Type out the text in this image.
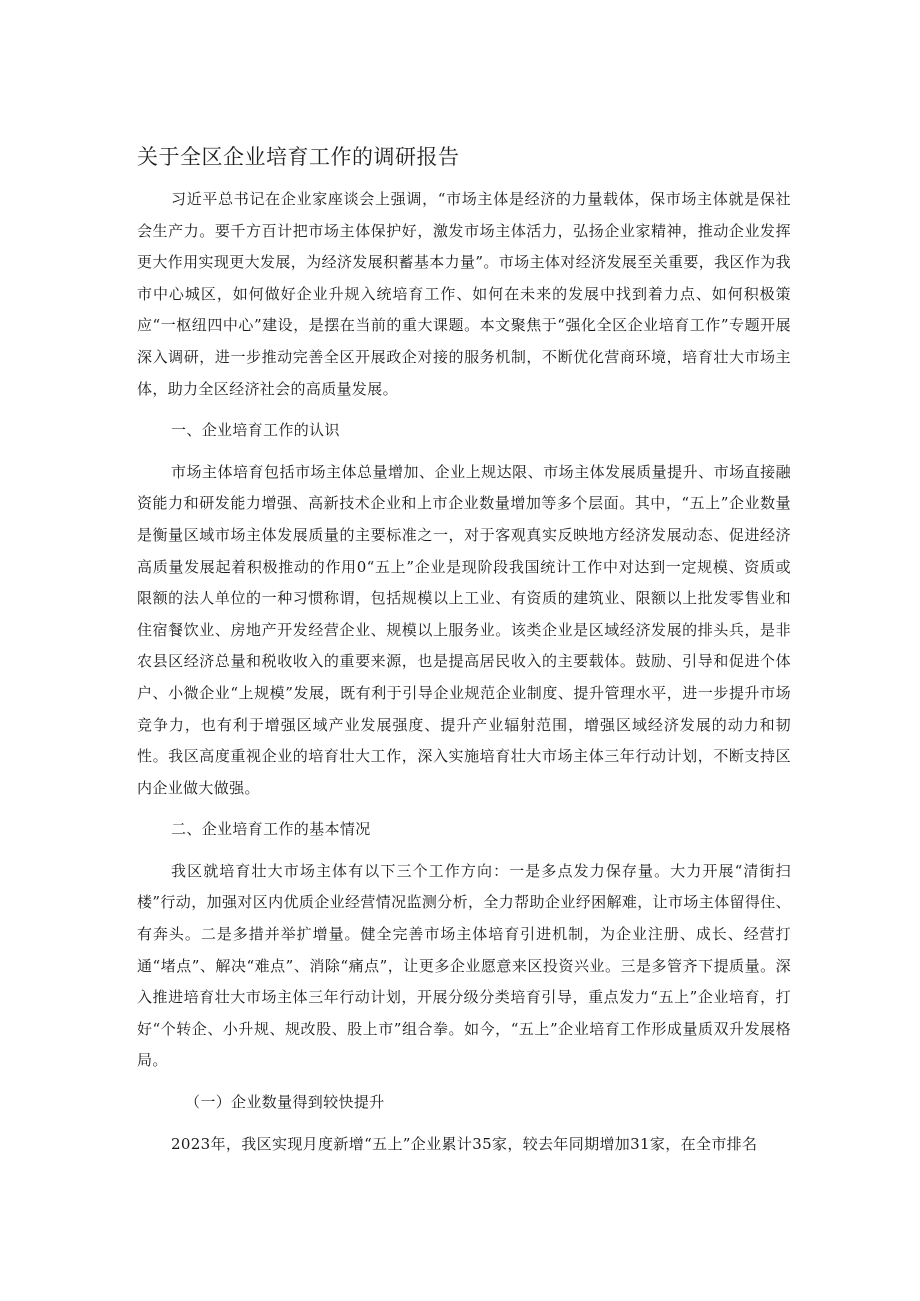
关于全区企业培育工作的调研报告

习近平总书记在企业家座谈会上强调，“市场主体是经济的力量载体，保市场主体就是保社会生产力。要千方百计把市场主体保护好，激发市场主体活力，弘扬企业家精神，推动企业发挥更大作用实现更大发展，为经济发展积蓄基本力量”。市场主体对经济发展至关重要，我区作为我市中心城区，如何做好企业升规入统培育工作、如何在未来的发展中找到着力点、如何积极策应“一枢纽四中心”建设，是摆在当前的重大课题。本文聚焦于“强化全区企业培育工作”专题开展深入调研，进一步推动完善全区开展政企对接的服务机制，不断优化营商环境，培育壮大市场主体，助力全区经济社会的高质量发展。

一、企业培育工作的认识

市场主体培育包括市场主体总量增加、企业上规达限、市场主体发展质量提升、市场直接融资能力和研发能力增强、高新技术企业和上市企业数量增加等多个层面。其中，“五上”企业数量是衡量区域市场主体发展质量的主要标准之一，对于客观真实反映地方经济发展动态、促进经济高质量发展起着积极推动的作用0“五上”企业是现阶段我国统计工作中对达到一定规模、资质或限额的法人单位的一种习惯称谓，包括规模以上工业、有资质的建筑业、限额以上批发零售业和住宿餐饮业、房地产开发经营企业、规模以上服务业。该类企业是区域经济发展的排头兵，是非农县区经济总量和税收收入的重要来源，也是提高居民收入的主要载体。鼓励、引导和促进个体户、小微企业“上规模”发展，既有利于引导企业规范企业制度、提升管理水平，进一步提升市场竞争力，也有利于增强区域产业发展强度、提升产业辐射范围，增强区域经济发展的动力和韧性。我区高度重视企业的培育壮大工作，深入实施培育壮大市场主体三年行动计划，不断支持区内企业做大做强。

二、企业培育工作的基本情况

我区就培育壮大市场主体有以下三个工作方向：一是多点发力保存量。大力开展“清街扫楼”行动，加强对区内优质企业经营情况监测分析，全力帮助企业纾困解难，让市场主体留得住、有奔头。二是多措并举扩增量。健全完善市场主体培育引进机制，为企业注册、成长、经营打通“堵点”、解决“难点”、消除“痛点”，让更多企业愿意来区投资兴业。三是多管齐下提质量。深入推进培育壮大市场主体三年行动计划，开展分级分类培育引导，重点发力“五上”企业培育，打好“个转企、小升规、规改股、股上市”组合拳。如今，“五上”企业培育工作形成量质双升发展格局。

（一）企业数量得到较快提升

2023年，我区实现月度新增“五上”企业累计35家，较去年同期增加31家，在全市排名
